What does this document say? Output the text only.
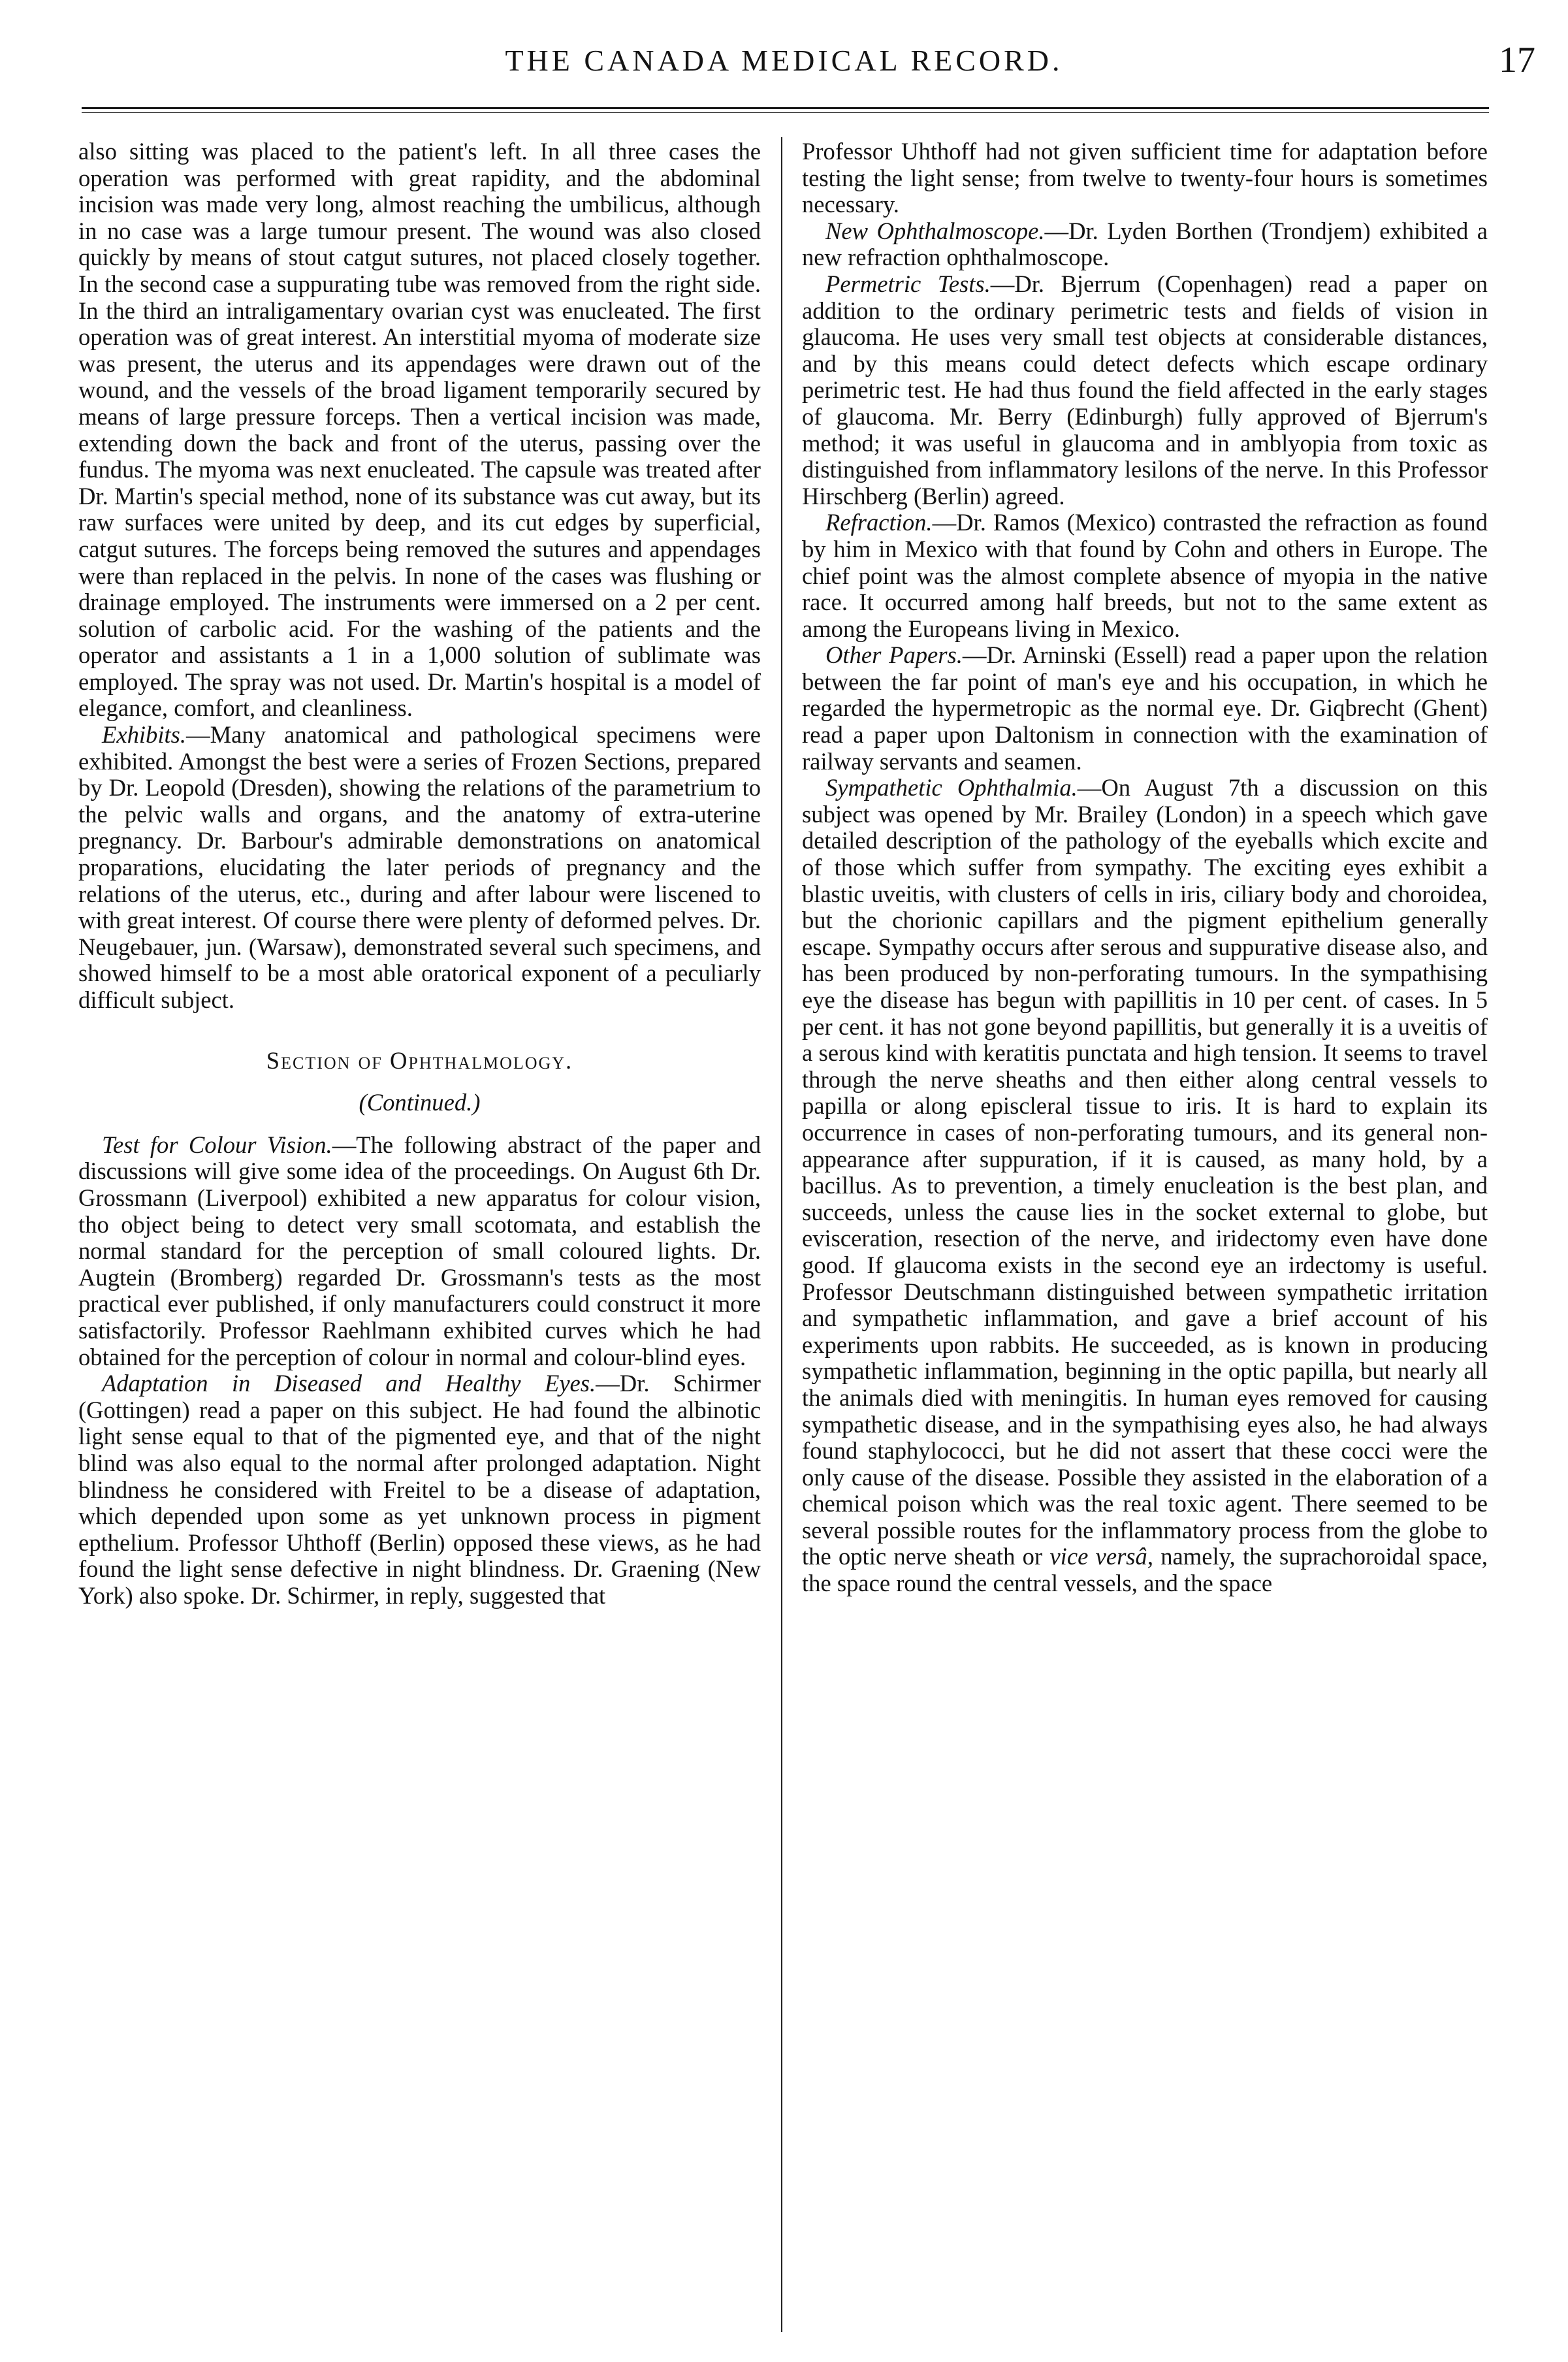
THE CANADA MEDICAL RECORD.	17

also sitting was placed to the patient's left. In all three cases the operation was performed with great rapidity, and the abdominal incision was made very long, almost reaching the umbilicus, although in no case was a large tumour present. The wound was also closed quickly by means of stout catgut sutures, not placed closely together. In the second case a suppurating tube was removed from the right side. In the third an intraligamentary ovarian cyst was enucleated. The first operation was of great interest. An interstitial myoma of moderate size was present, the uterus and its appendages were drawn out of the wound, and the vessels of the broad ligament temporarily secured by means of large pressure forceps. Then a vertical incision was made, extending down the back and front of the uterus, passing over the fundus. The myoma was next enucleated. The capsule was treated after Dr. Martin's special method, none of its substance was cut away, but its raw surfaces were united by deep, and its cut edges by superficial, catgut sutures. The forceps being removed the sutures and appendages were than replaced in the pelvis. In none of the cases was flushing or drainage employed. The instruments were immersed on a 2 per cent. solution of carbolic acid. For the washing of the patients and the operator and assistants a 1 in a 1,000 solution of sublimate was employed. The spray was not used. Dr. Martin's hospital is a model of elegance, comfort, and cleanliness.

Exhibits.—Many anatomical and pathological specimens were exhibited. Amongst the best were a series of Frozen Sections, prepared by Dr. Leopold (Dresden), showing the relations of the parametrium to the pelvic walls and organs, and the anatomy of extra-uterine pregnancy. Dr. Barbour's admirable demonstrations on anatomical proparations, elucidating the later periods of pregnancy and the relations of the uterus, etc., during and after labour were liscened to with great interest. Of course there were plenty of deformed pelves. Dr. Neugebauer, jun. (Warsaw), demonstrated several such specimens, and showed himself to be a most able oratorical exponent of a peculiarly difficult subject.

Section of Ophthalmology.

(Continued.)

Test for Colour Vision.—The following abstract of the paper and discussions will give some idea of the proceedings. On August 6th Dr. Grossmann (Liverpool) exhibited a new apparatus for colour vision, tho object being to detect very small scotomata, and establish the normal standard for the perception of small coloured lights. Dr. Augtein (Bromberg) regarded Dr. Grossmann's tests as the most practical ever published, if only manufacturers could construct it more satisfactorily. Professor Raehlmann exhibited curves which he had obtained for the perception of colour in normal and colour-blind eyes.

Adaptation in Diseased and Healthy Eyes.—Dr. Schirmer (Gottingen) read a paper on this subject. He had found the albinotic light sense equal to that of the pigmented eye, and that of the night blind was also equal to the normal after prolonged adaptation. Night blindness he considered with Freitel to be a disease of adaptation, which depended upon some as yet unknown process in pigment epthelium. Professor Uhthoff (Berlin) opposed these views, as he had found the light sense defective in night blindness. Dr. Graening (New York) also spoke. Dr. Schirmer, in reply, suggested that

Professor Uhthoff had not given sufficient time for adaptation before testing the light sense; from twelve to twenty-four hours is sometimes necessary.

New Ophthalmoscope.—Dr. Lyden Borthen (Trondjem) exhibited a new refraction ophthalmoscope.

Permetric Tests.—Dr. Bjerrum (Copenhagen) read a paper on addition to the ordinary perimetric tests and fields of vision in glaucoma. He uses very small test objects at considerable distances, and by this means could detect defects which escape ordinary perimetric test. He had thus found the field affected in the early stages of glaucoma. Mr. Berry (Edinburgh) fully approved of Bjerrum's method; it was useful in glaucoma and in amblyopia from toxic as distinguished from inflammatory lesilons of the nerve. In this Professor Hirschberg (Berlin) agreed.

Refraction.—Dr. Ramos (Mexico) contrasted the refraction as found by him in Mexico with that found by Cohn and others in Europe. The chief point was the almost complete absence of myopia in the native race. It occurred among half breeds, but not to the same extent as among the Europeans living in Mexico.

Other Papers.—Dr. Arninski (Essell) read a paper upon the relation between the far point of man's eye and his occupation, in which he regarded the hypermetropic as the normal eye. Dr. Giqbrecht (Ghent) read a paper upon Daltonism in connection with the examination of railway servants and seamen.

Sympathetic Ophthalmia.—On August 7th a discussion on this subject was opened by Mr. Brailey (London) in a speech which gave detailed description of the pathology of the eyeballs which excite and of those which suffer from sympathy. The exciting eyes exhibit a blastic uveitis, with clusters of cells in iris, ciliary body and choroidea, but the chorionic capillars and the pigment epithelium generally escape. Sympathy occurs after serous and suppurative disease also, and has been produced by non-perforating tumours. In the sympathising eye the disease has begun with papillitis in 10 per cent. of cases. In 5 per cent. it has not gone beyond papillitis, but generally it is a uveitis of a serous kind with keratitis punctata and high tension. It seems to travel through the nerve sheaths and then either along central vessels to papilla or along episcleral tissue to iris. It is hard to explain its occurrence in cases of non-perforating tumours, and its general non-appearance after suppuration, if it is caused, as many hold, by a bacillus. As to prevention, a timely enucleation is the best plan, and succeeds, unless the cause lies in the socket external to globe, but evisceration, resection of the nerve, and iridectomy even have done good. If glaucoma exists in the second eye an irdectomy is useful. Professor Deutschmann distinguished between sympathetic irritation and sympathetic inflammation, and gave a brief account of his experiments upon rabbits. He succeeded, as is known in producing sympathetic inflammation, beginning in the optic papilla, but nearly all the animals died with meningitis. In human eyes removed for causing sympathetic disease, and in the sympathising eyes also, he had always found staphylococci, but he did not assert that these cocci were the only cause of the disease. Possible they assisted in the elaboration of a chemical poison which was the real toxic agent. There seemed to be several possible routes for the inflammatory process from the globe to the optic nerve sheath or vice versâ, namely, the suprachoroidal space, the space round the central vessels, and the space
